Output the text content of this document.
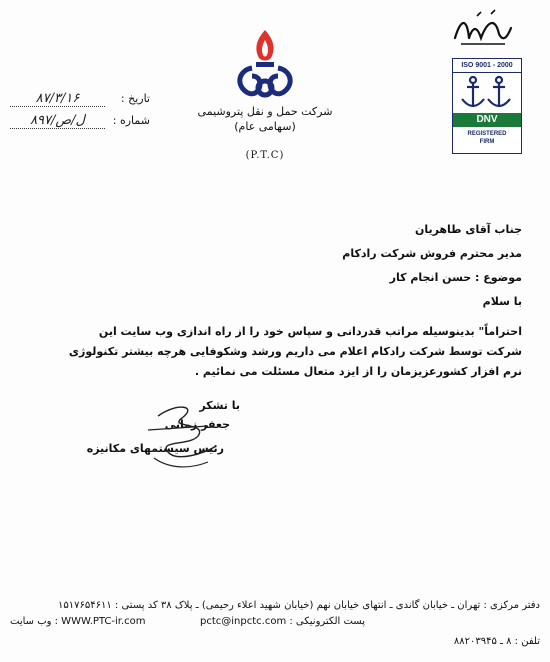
ISO 9001 - 2000
DNV
REGISTERED
FIRM
شرکت حمل و نقل پتروشیمی
(سهامی عام)
(P.T.C)
تاریخ :
۸۷/۳/۱۶
شماره :
۸۹۷/ل/ص
جناب آقای طاهریان
مدیر محترم فروش شرکت رادکام
موضوع : حسن انجام کار
با سلام
احتراماً" بدینوسیله مراتب قدردانی و سپاس خود را از راه اندازی وب سایت این
شرکت توسط شرکت رادکام اعلام می داریم ورشد وشکوفایی هرچه بیشتر تکنولوژی
نرم افزار کشورعزیزمان را از ایزد متعال مسئلت می نمائیم .
با تشکر
جعفر زمانی
رئیس سیستمهای مکانیزه
دفتر مرکزی : تهران ـ خیابان گاندی ـ انتهای خیابان نهم (خیابان شهید اعلاء رحیمی) ـ پلاک ۳۸ کد پستی : ۱۵۱۷۶۵۴۶۱۱
وب سایت : WWW.PTC-ir.com	پست الکترونیکی : pctc@inpctc.com
تلفن : ۸ ـ ۸۸۲۰۳۹۴۵
